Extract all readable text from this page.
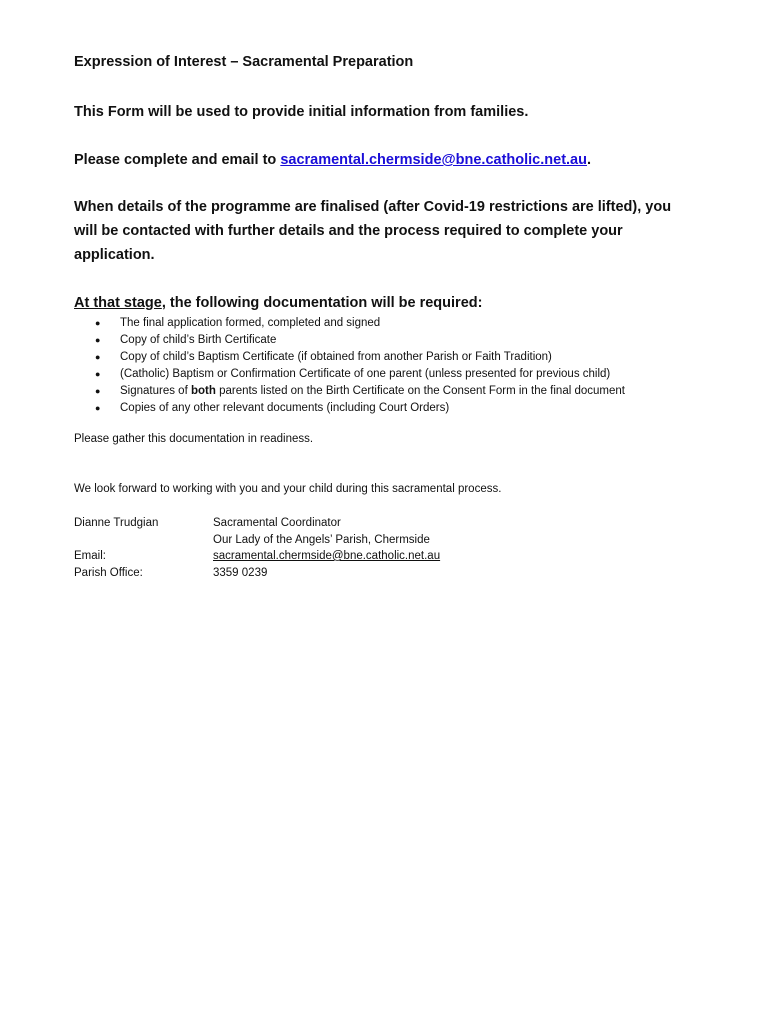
Expression of Interest – Sacramental Preparation
This Form will be used to provide initial information from families.
Please complete and email to sacramental.chermside@bne.catholic.net.au.
When details of the programme are finalised (after Covid-19 restrictions are lifted), you will be contacted with further details and the process required to complete your application.
At that stage, the following documentation will be required:
● The final application formed, completed and signed
● Copy of child’s Birth Certificate
● Copy of child’s Baptism Certificate (if obtained from another Parish or Faith Tradition)
● (Catholic) Baptism or Confirmation Certificate of one parent (unless presented for previous child)
● Signatures of both parents listed on the Birth Certificate on the Consent Form in the final document
● Copies of any other relevant documents (including Court Orders)
Please gather this documentation in readiness.
We look forward to working with you and your child during this sacramental process.
Dianne Trudgian	Sacramental Coordinator
Our Lady of the Angels’ Parish, Chermside
Email:	sacramental.chermside@bne.catholic.net.au
Parish Office:	3359 0239
